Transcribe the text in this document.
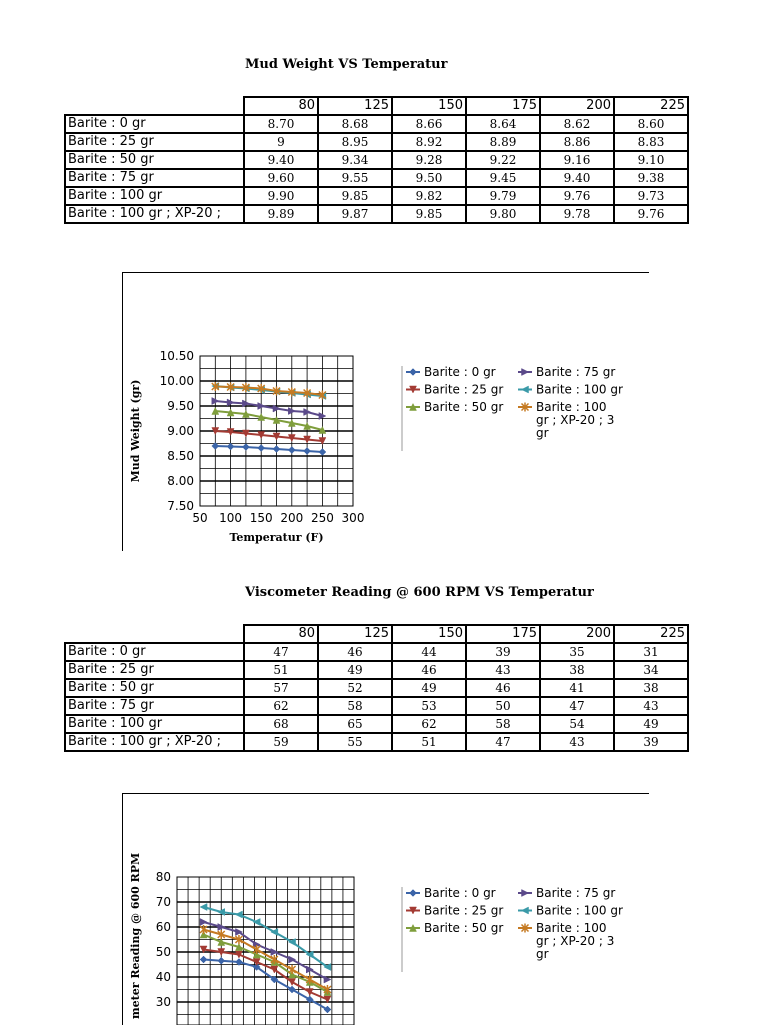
Mud Weight VS Temperatur
	80	125	150	175	200	225
Barite : 0 gr	8.70	8.68	8.66	8.64	8.62	8.60
Barite : 25 gr	9	8.95	8.92	8.89	8.86	8.83
Barite : 50 gr	9.40	9.34	9.28	9.22	9.16	9.10
Barite : 75 gr	9.60	9.55	9.50	9.45	9.40	9.38
Barite : 100 gr	9.90	9.85	9.82	9.79	9.76	9.73
Barite : 100 gr ; XP-20 ;	9.89	9.87	9.85	9.80	9.78	9.76
7.50
8.00
8.50
9.00
9.50
10.00
10.50
50 100 150 200 250 300
Temperatur (F)
Mud Weight (gr)
Barite : 0 gr
Barite : 25 gr
Barite : 50 gr
Barite : 75 gr
Barite : 100 gr
Barite : 100
gr ; XP-20 ; 3
gr
Viscometer Reading @ 600 RPM VS Temperatur
	80	125	150	175	200	225
Barite : 0 gr	47	46	44	39	35	31
Barite : 25 gr	51	49	46	43	38	34
Barite : 50 gr	57	52	49	46	41	38
Barite : 75 gr	62	58	53	50	47	43
Barite : 100 gr	68	65	62	58	54	49
Barite : 100 gr ; XP-20 ;	59	55	51	47	43	39
30
40
50
60
70
80
meter Reading @ 600 RPM	Barite : 0 gr
Barite : 25 gr
Barite : 50 gr
Barite : 75 gr
Barite : 100 gr
Barite : 100
gr ; XP-20 ; 3
gr
